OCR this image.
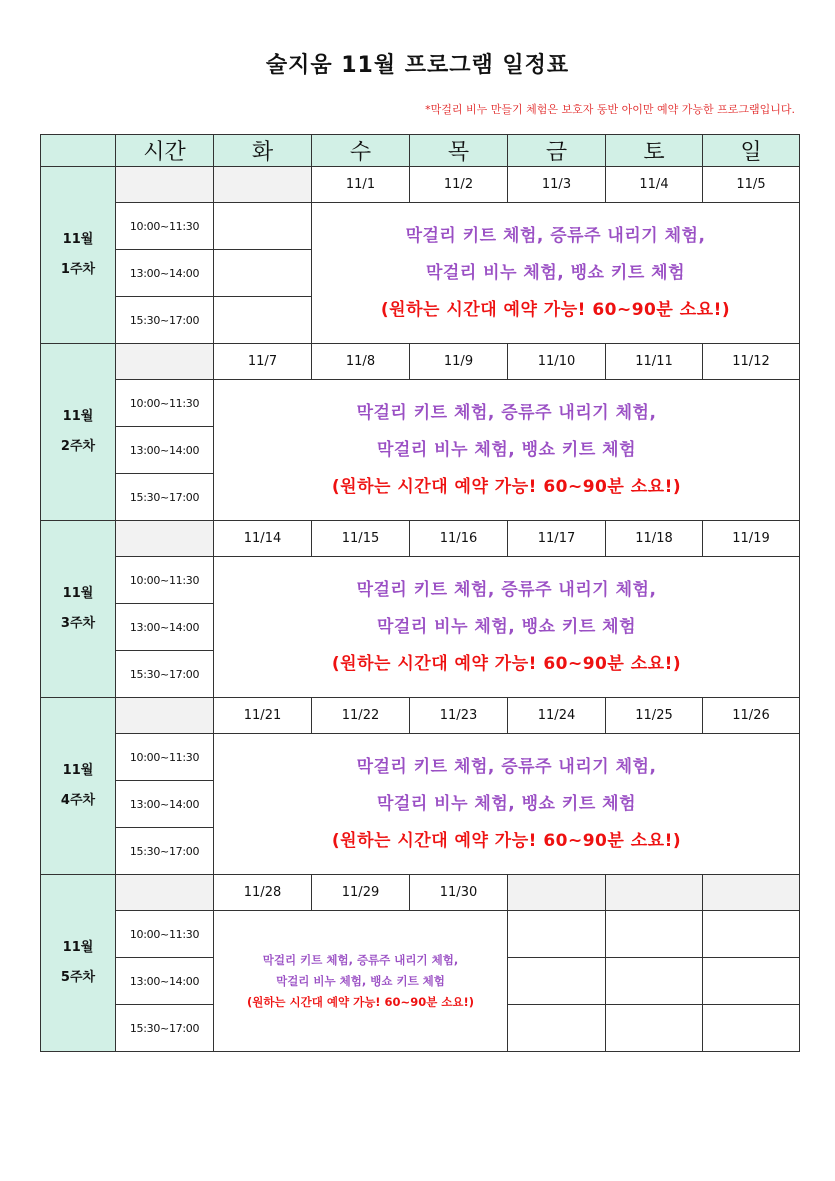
술지움 11월 프로그램 일정표
*막걸리 비누 만들기 체험은 보호자 동반 아이만 예약 가능한 프로그램입니다.
	시간	화	수	목	금	토	일

11월
1주차			11/1	11/2	11/3	11/4	11/5
	10:00~11:30		막걸리 키트 체험, 증류주 내리기 체험,
막걸리 비누 체험, 뱅쇼 키트 체험
(원하는 시간대 예약 가능! 60~90분 소요!)				

	13:00~14:00						
	15:30~17:00						

11월
2주차		11/7	11/8	11/9	11/10	11/11	11/12
	10:00~11:30	막걸리 키트 체험, 증류주 내리기 체험,
막걸리 비누 체험, 뱅쇼 키트 체험
(원하는 시간대 예약 가능! 60~90분 소요!)					

	13:00~14:00						
	15:30~17:00						

11월
3주차		11/14	11/15	11/16	11/17	11/18	11/19
	10:00~11:30	막걸리 키트 체험, 증류주 내리기 체험,
막걸리 비누 체험, 뱅쇼 키트 체험
(원하는 시간대 예약 가능! 60~90분 소요!)					

	13:00~14:00						
	15:30~17:00						

11월
4주차		11/21	11/22	11/23	11/24	11/25	11/26
	10:00~11:30	막걸리 키트 체험, 증류주 내리기 체험,
막걸리 비누 체험, 뱅쇼 키트 체험
(원하는 시간대 예약 가능! 60~90분 소요!)					

	13:00~14:00						
	15:30~17:00						

11월
5주차		11/28	11/29	11/30			
	10:00~11:30	막걸리 키트 체험, 증류주 내리기 체험,
막걸리 비누 체험, 뱅쇼 키트 체험
(원하는 시간대 예약 가능! 60~90분 소요!)					

	13:00~14:00						
	15:30~17:00						
